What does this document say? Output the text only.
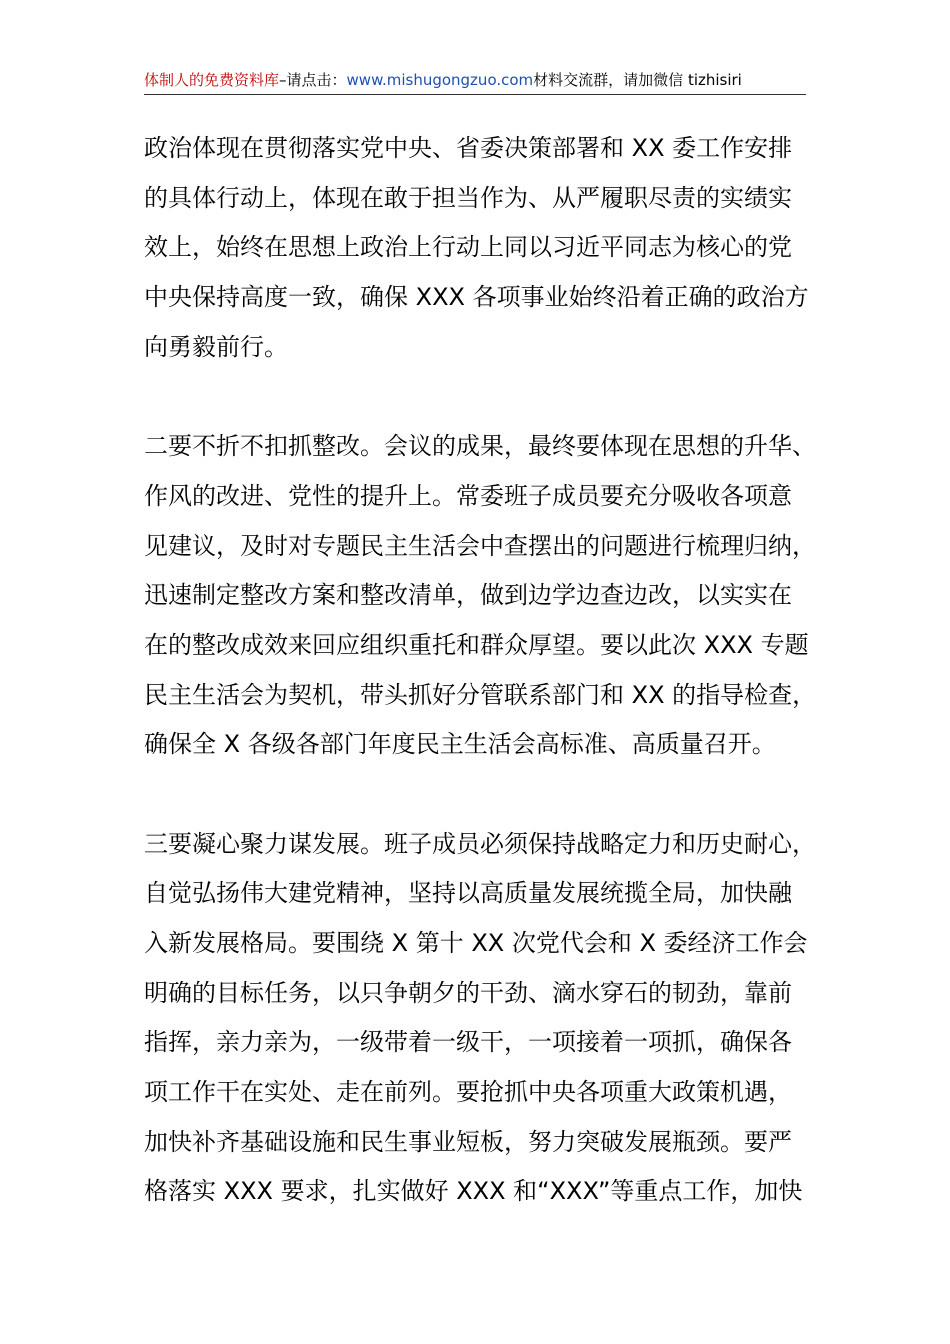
体制人的免费资料库–请点击：www.mishugongzuo.com材料交流群，请加微信 tizhisiri
政治体现在贯彻落实党中央、省委决策部署和 XX 委工作安排
的具体行动上，体现在敢于担当作为、从严履职尽责的实绩实
效上，始终在思想上政治上行动上同以习近平同志为核心的党
中央保持高度一致，确保 XXX 各项事业始终沿着正确的政治方
向勇毅前行。
二要不折不扣抓整改。会议的成果，最终要体现在思想的升华、
作风的改进、党性的提升上。常委班子成员要充分吸收各项意
见建议，及时对专题民主生活会中查摆出的问题进行梳理归纳，
迅速制定整改方案和整改清单，做到边学边查边改，以实实在
在的整改成效来回应组织重托和群众厚望。要以此次 XXX 专题
民主生活会为契机，带头抓好分管联系部门和 XX 的指导检查，
确保全 X 各级各部门年度民主生活会高标准、高质量召开。
三要凝心聚力谋发展。班子成员必须保持战略定力和历史耐心，
自觉弘扬伟大建党精神，坚持以高质量发展统揽全局，加快融
入新发展格局。要围绕 X 第十 XX 次党代会和 X 委经济工作会
明确的目标任务，以只争朝夕的干劲、滴水穿石的韧劲，靠前
指挥，亲力亲为，一级带着一级干，一项接着一项抓，确保各
项工作干在实处、走在前列。要抢抓中央各项重大政策机遇，
加快补齐基础设施和民生事业短板，努力突破发展瓶颈。要严
格落实 XXX 要求，扎实做好 XXX 和“XXX”等重点工作，加快
